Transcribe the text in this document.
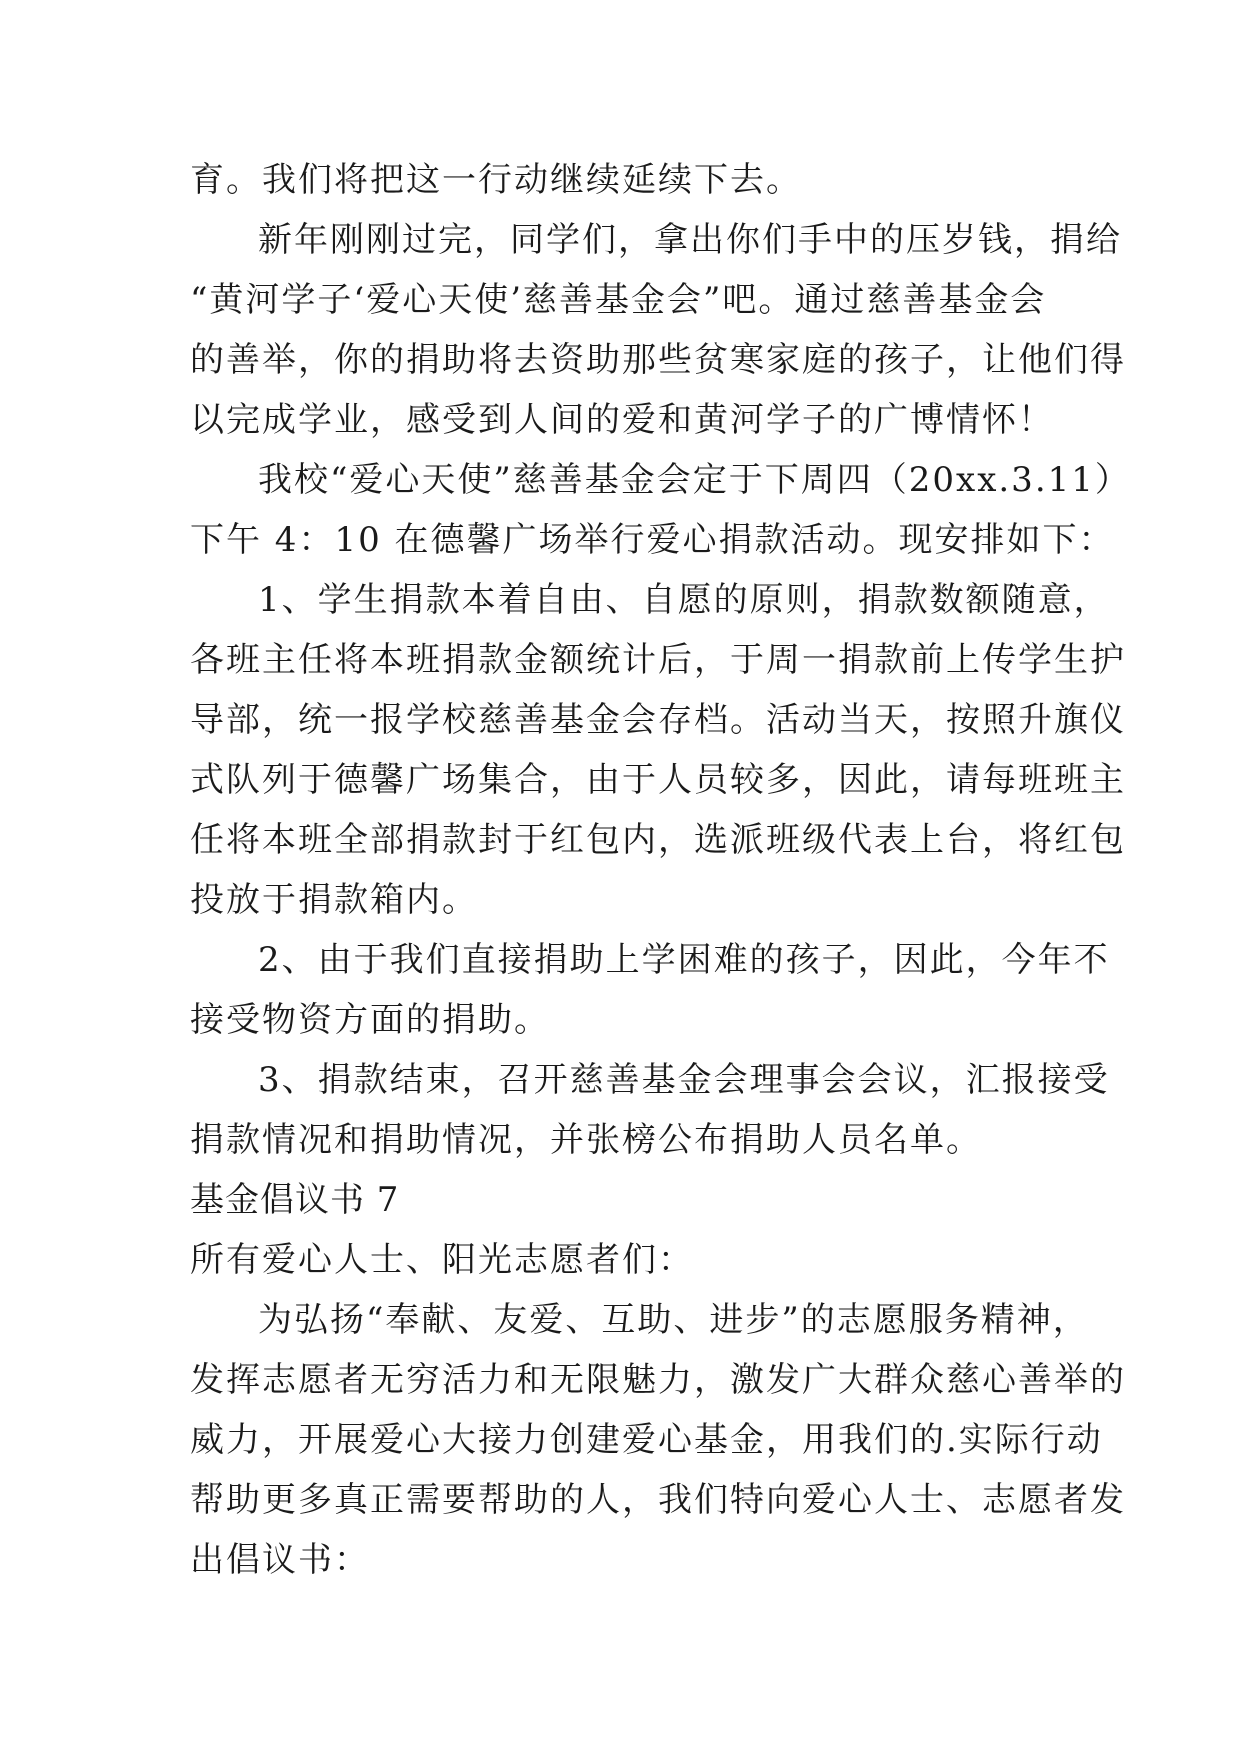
育。我们将把这一行动继续延续下去。
新年刚刚过完，同学们，拿出你们手中的压岁钱，捐给
“黄河学子‘爱心天使’慈善基金会”吧。通过慈善基金会
的善举，你的捐助将去资助那些贫寒家庭的孩子，让他们得
以完成学业，感受到人间的爱和黄河学子的广博情怀！
我校“爱心天使”慈善基金会定于下周四（20xx.3.11）
下午 4：10 在德馨广场举行爱心捐款活动。现安排如下：
1、学生捐款本着自由、自愿的原则，捐款数额随意，
各班主任将本班捐款金额统计后，于周一捐款前上传学生护
导部，统一报学校慈善基金会存档。活动当天，按照升旗仪
式队列于德馨广场集合，由于人员较多，因此，请每班班主
任将本班全部捐款封于红包内，选派班级代表上台，将红包
投放于捐款箱内。
2、由于我们直接捐助上学困难的孩子，因此，今年不
接受物资方面的捐助。
3、捐款结束，召开慈善基金会理事会会议，汇报接受
捐款情况和捐助情况，并张榜公布捐助人员名单。
基金倡议书 7
所有爱心人士、阳光志愿者们：
为弘扬“奉献、友爱、互助、进步”的志愿服务精神，
发挥志愿者无穷活力和无限魅力，激发广大群众慈心善举的
威力，开展爱心大接力创建爱心基金，用我们的.实际行动
帮助更多真正需要帮助的人，我们特向爱心人士、志愿者发
出倡议书：
